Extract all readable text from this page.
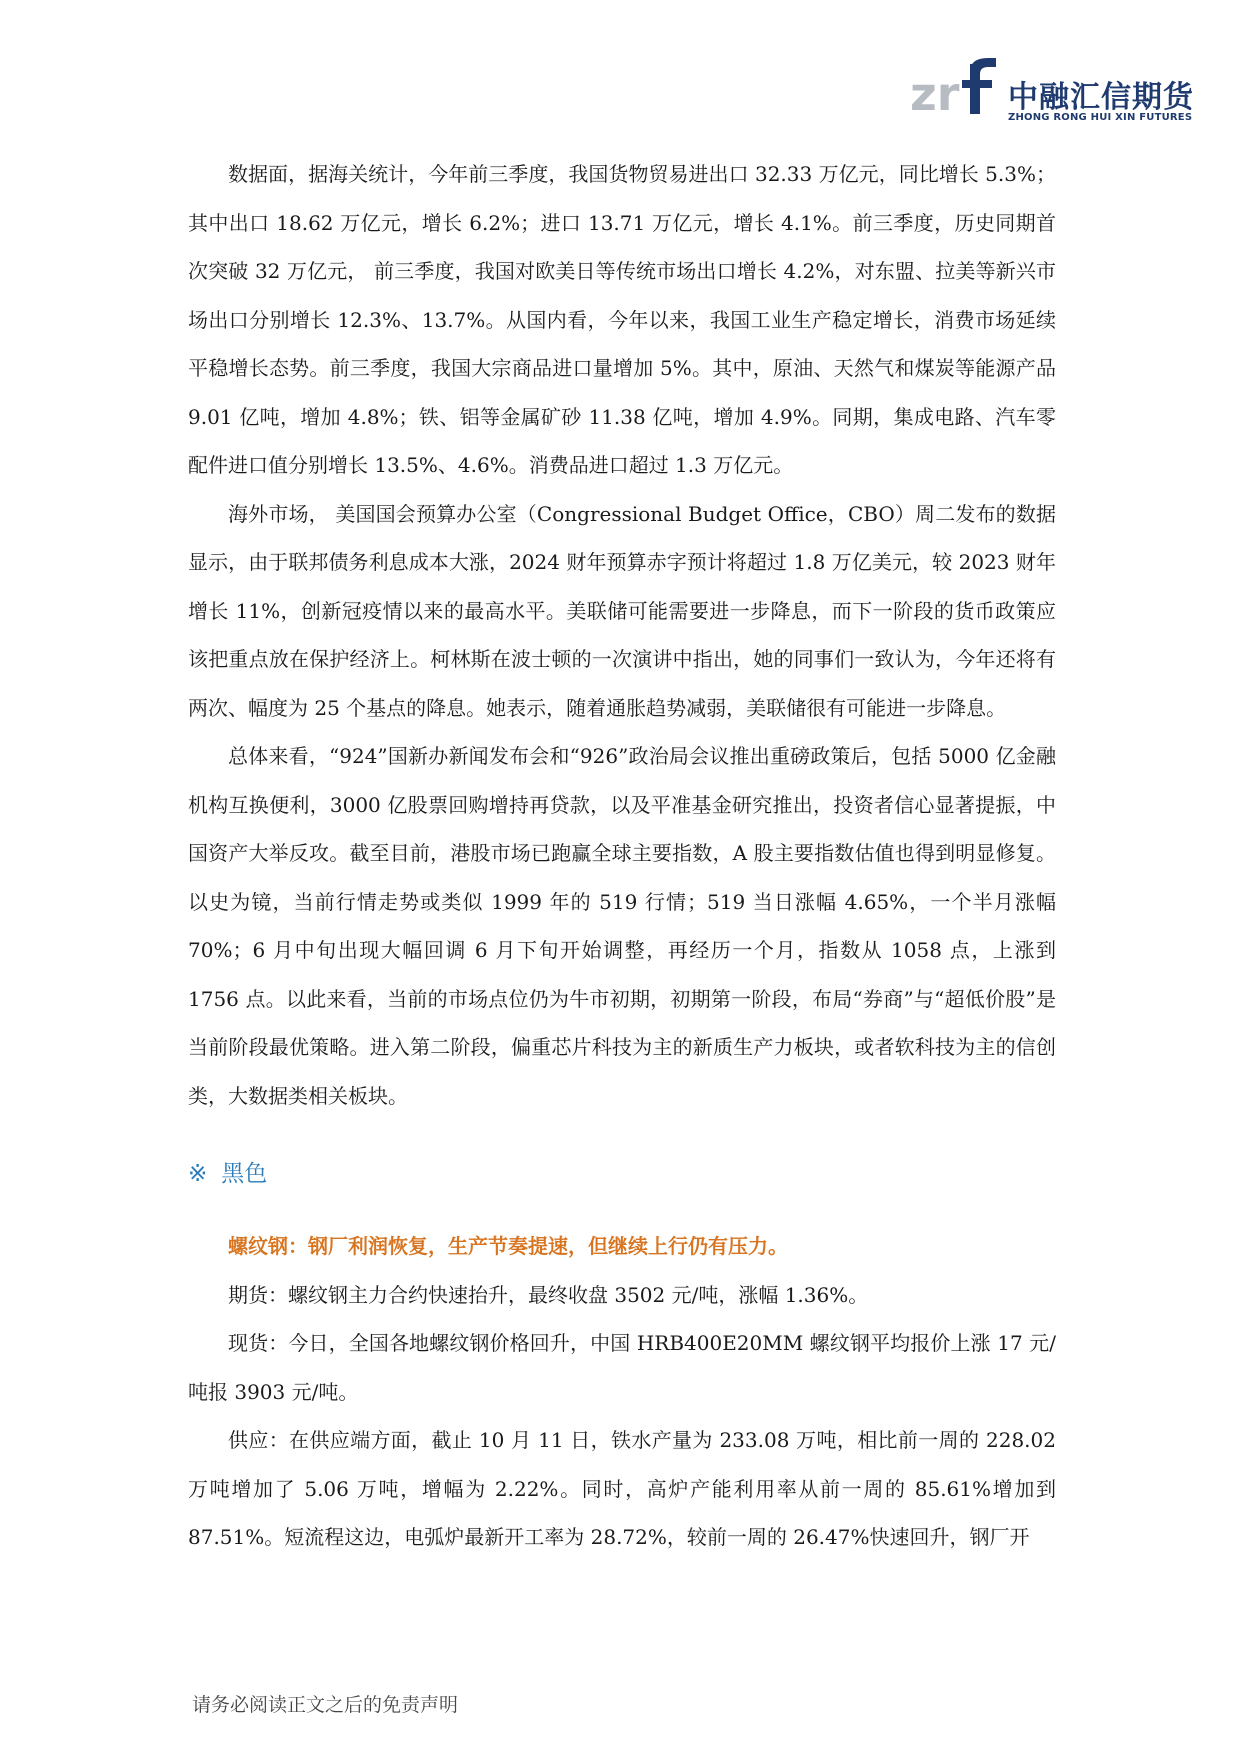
zr 中融汇信期货
ZHONG RONG HUI XIN FUTURES

数据面，据海关统计，今年前三季度，我国货物贸易进出口 32.33 万亿元，同比增长 5.3%；其中出口 18.62 万亿元，增长 6.2%；进口 13.71 万亿元，增长 4.1%。前三季度，历史同期首次突破 32 万亿元， 前三季度，我国对欧美日等传统市场出口增长 4.2%，对东盟、拉美等新兴市场出口分别增长 12.3%、13.7%。从国内看，今年以来，我国工业生产稳定增长，消费市场延续平稳增长态势。前三季度，我国大宗商品进口量增加 5%。其中，原油、天然气和煤炭等能源产品 9.01 亿吨，增加 4.8%；铁、铝等金属矿砂 11.38 亿吨，增加 4.9%。同期，集成电路、汽车零配件进口值分别增长 13.5%、4.6%。消费品进口超过 1.3 万亿元。

海外市场， 美国国会预算办公室（Congressional Budget Office，CBO）周二发布的数据显示，由于联邦债务利息成本大涨，2024 财年预算赤字预计将超过 1.8 万亿美元，较 2023 财年增长 11%，创新冠疫情以来的最高水平。美联储可能需要进一步降息，而下一阶段的货币政策应该把重点放在保护经济上。柯林斯在波士顿的一次演讲中指出，她的同事们一致认为，今年还将有两次、幅度为 25 个基点的降息。她表示，随着通胀趋势减弱，美联储很有可能进一步降息。

总体来看，“924”国新办新闻发布会和“926”政治局会议推出重磅政策后，包括 5000 亿金融机构互换便利，3000 亿股票回购增持再贷款，以及平准基金研究推出，投资者信心显著提振，中国资产大举反攻。截至目前，港股市场已跑赢全球主要指数，A 股主要指数估值也得到明显修复。以史为镜，当前行情走势或类似 1999 年的 519 行情；519 当日涨幅 4.65%，一个半月涨幅 70%；6 月中旬出现大幅回调 6 月下旬开始调整，再经历一个月，指数从 1058 点，上涨到 1756 点。以此来看，当前的市场点位仍为牛市初期，初期第一阶段，布局“券商”与“超低价股”是当前阶段最优策略。进入第二阶段，偏重芯片科技为主的新质生产力板块，或者软科技为主的信创类，大数据类相关板块。

※ 黑色

螺纹钢：钢厂利润恢复，生产节奏提速，但继续上行仍有压力。

期货：螺纹钢主力合约快速抬升，最终收盘 3502 元/吨，涨幅 1.36%。

现货：今日，全国各地螺纹钢价格回升，中国 HRB400E20MM 螺纹钢平均报价上涨 17 元/吨报 3903 元/吨。

供应：在供应端方面，截止 10 月 11 日，铁水产量为 233.08 万吨，相比前一周的 228.02 万吨增加了 5.06 万吨，增幅为 2.22%。同时，高炉产能利用率从前一周的 85.61%增加到 87.51%。短流程这边，电弧炉最新开工率为 28.72%，较前一周的 26.47%快速回升，钢厂开

请务必阅读正文之后的免责声明
